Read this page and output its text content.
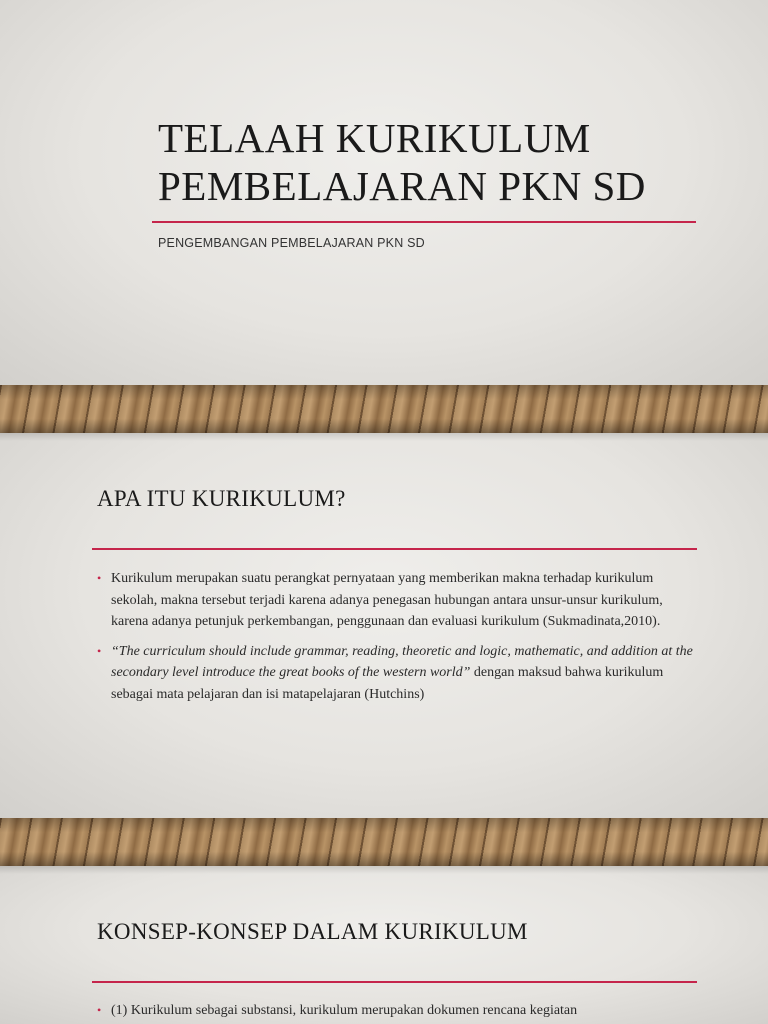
TELAAH KURIKULUM
PEMBELAJARAN PKN SD
PENGEMBANGAN PEMBELAJARAN PKN SD
APA ITU KURIKULUM?
• Kurikulum merupakan suatu perangkat pernyataan yang memberikan makna terhadap kurikulum sekolah, makna tersebut terjadi karena adanya penegasan hubungan antara unsur-unsur kurikulum, karena adanya petunjuk perkembangan, penggunaan dan evaluasi kurikulum (Sukmadinata,2010).
• “The curriculum should include grammar, reading, theoretic and logic, mathematic, and addition at the secondary level introduce the great books of the western world” dengan maksud bahwa kurikulum sebagai mata pelajaran dan isi matapelajaran (Hutchins)
KONSEP-KONSEP DALAM KURIKULUM
• (1) Kurikulum sebagai substansi, kurikulum merupakan dokumen rencana kegiatan
